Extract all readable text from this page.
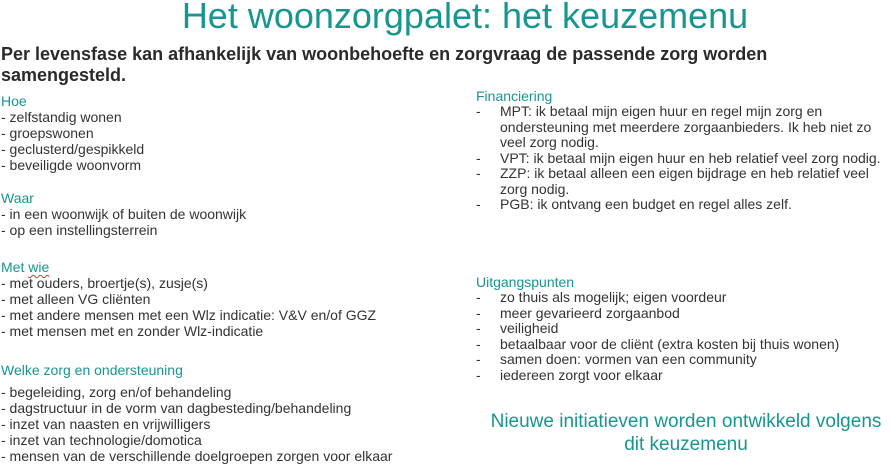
Het woonzorgpalet: het keuzemenu
Per levensfase kan afhankelijk van woonbehoefte en zorgvraag de passende zorg worden samengesteld.
Hoe
- zelfstandig wonen
- groepswonen
- geclusterd/gespikkeld
- beveiligde woonvorm
Waar
- in een woonwijk of buiten de woonwijk
- op een instellingsterrein
Met wie
- met ouders, broertje(s), zusje(s)
- met alleen VG cliënten
- met andere mensen met een Wlz indicatie: V&V en/of GGZ
- met mensen met en zonder Wlz-indicatie
Welke zorg en ondersteuning
- begeleiding, zorg en/of behandeling
- dagstructuur in de vorm van dagbesteding/behandeling
- inzet van naasten en vrijwilligers
- inzet van technologie/domotica
- mensen van de verschillende doelgroepen zorgen voor elkaar
Financiering
-	MPT: ik betaal mijn eigen huur en regel mijn zorg en ondersteuning met meerdere zorgaanbieders. Ik heb niet zo veel zorg nodig.
-	VPT: ik betaal mijn eigen huur en heb relatief veel zorg nodig.
-	ZZP: ik betaal alleen een eigen bijdrage en heb relatief veel zorg nodig.
-	PGB: ik ontvang een budget en regel alles zelf.
Uitgangspunten
-	zo thuis als mogelijk; eigen voordeur
-	meer gevarieerd zorgaanbod
-	veiligheid
-	betaalbaar voor de cliënt (extra kosten bij thuis wonen)
-	samen doen: vormen van een community
-	iedereen zorgt voor elkaar
Nieuwe initiatieven worden ontwikkeld volgens dit keuzemenu
